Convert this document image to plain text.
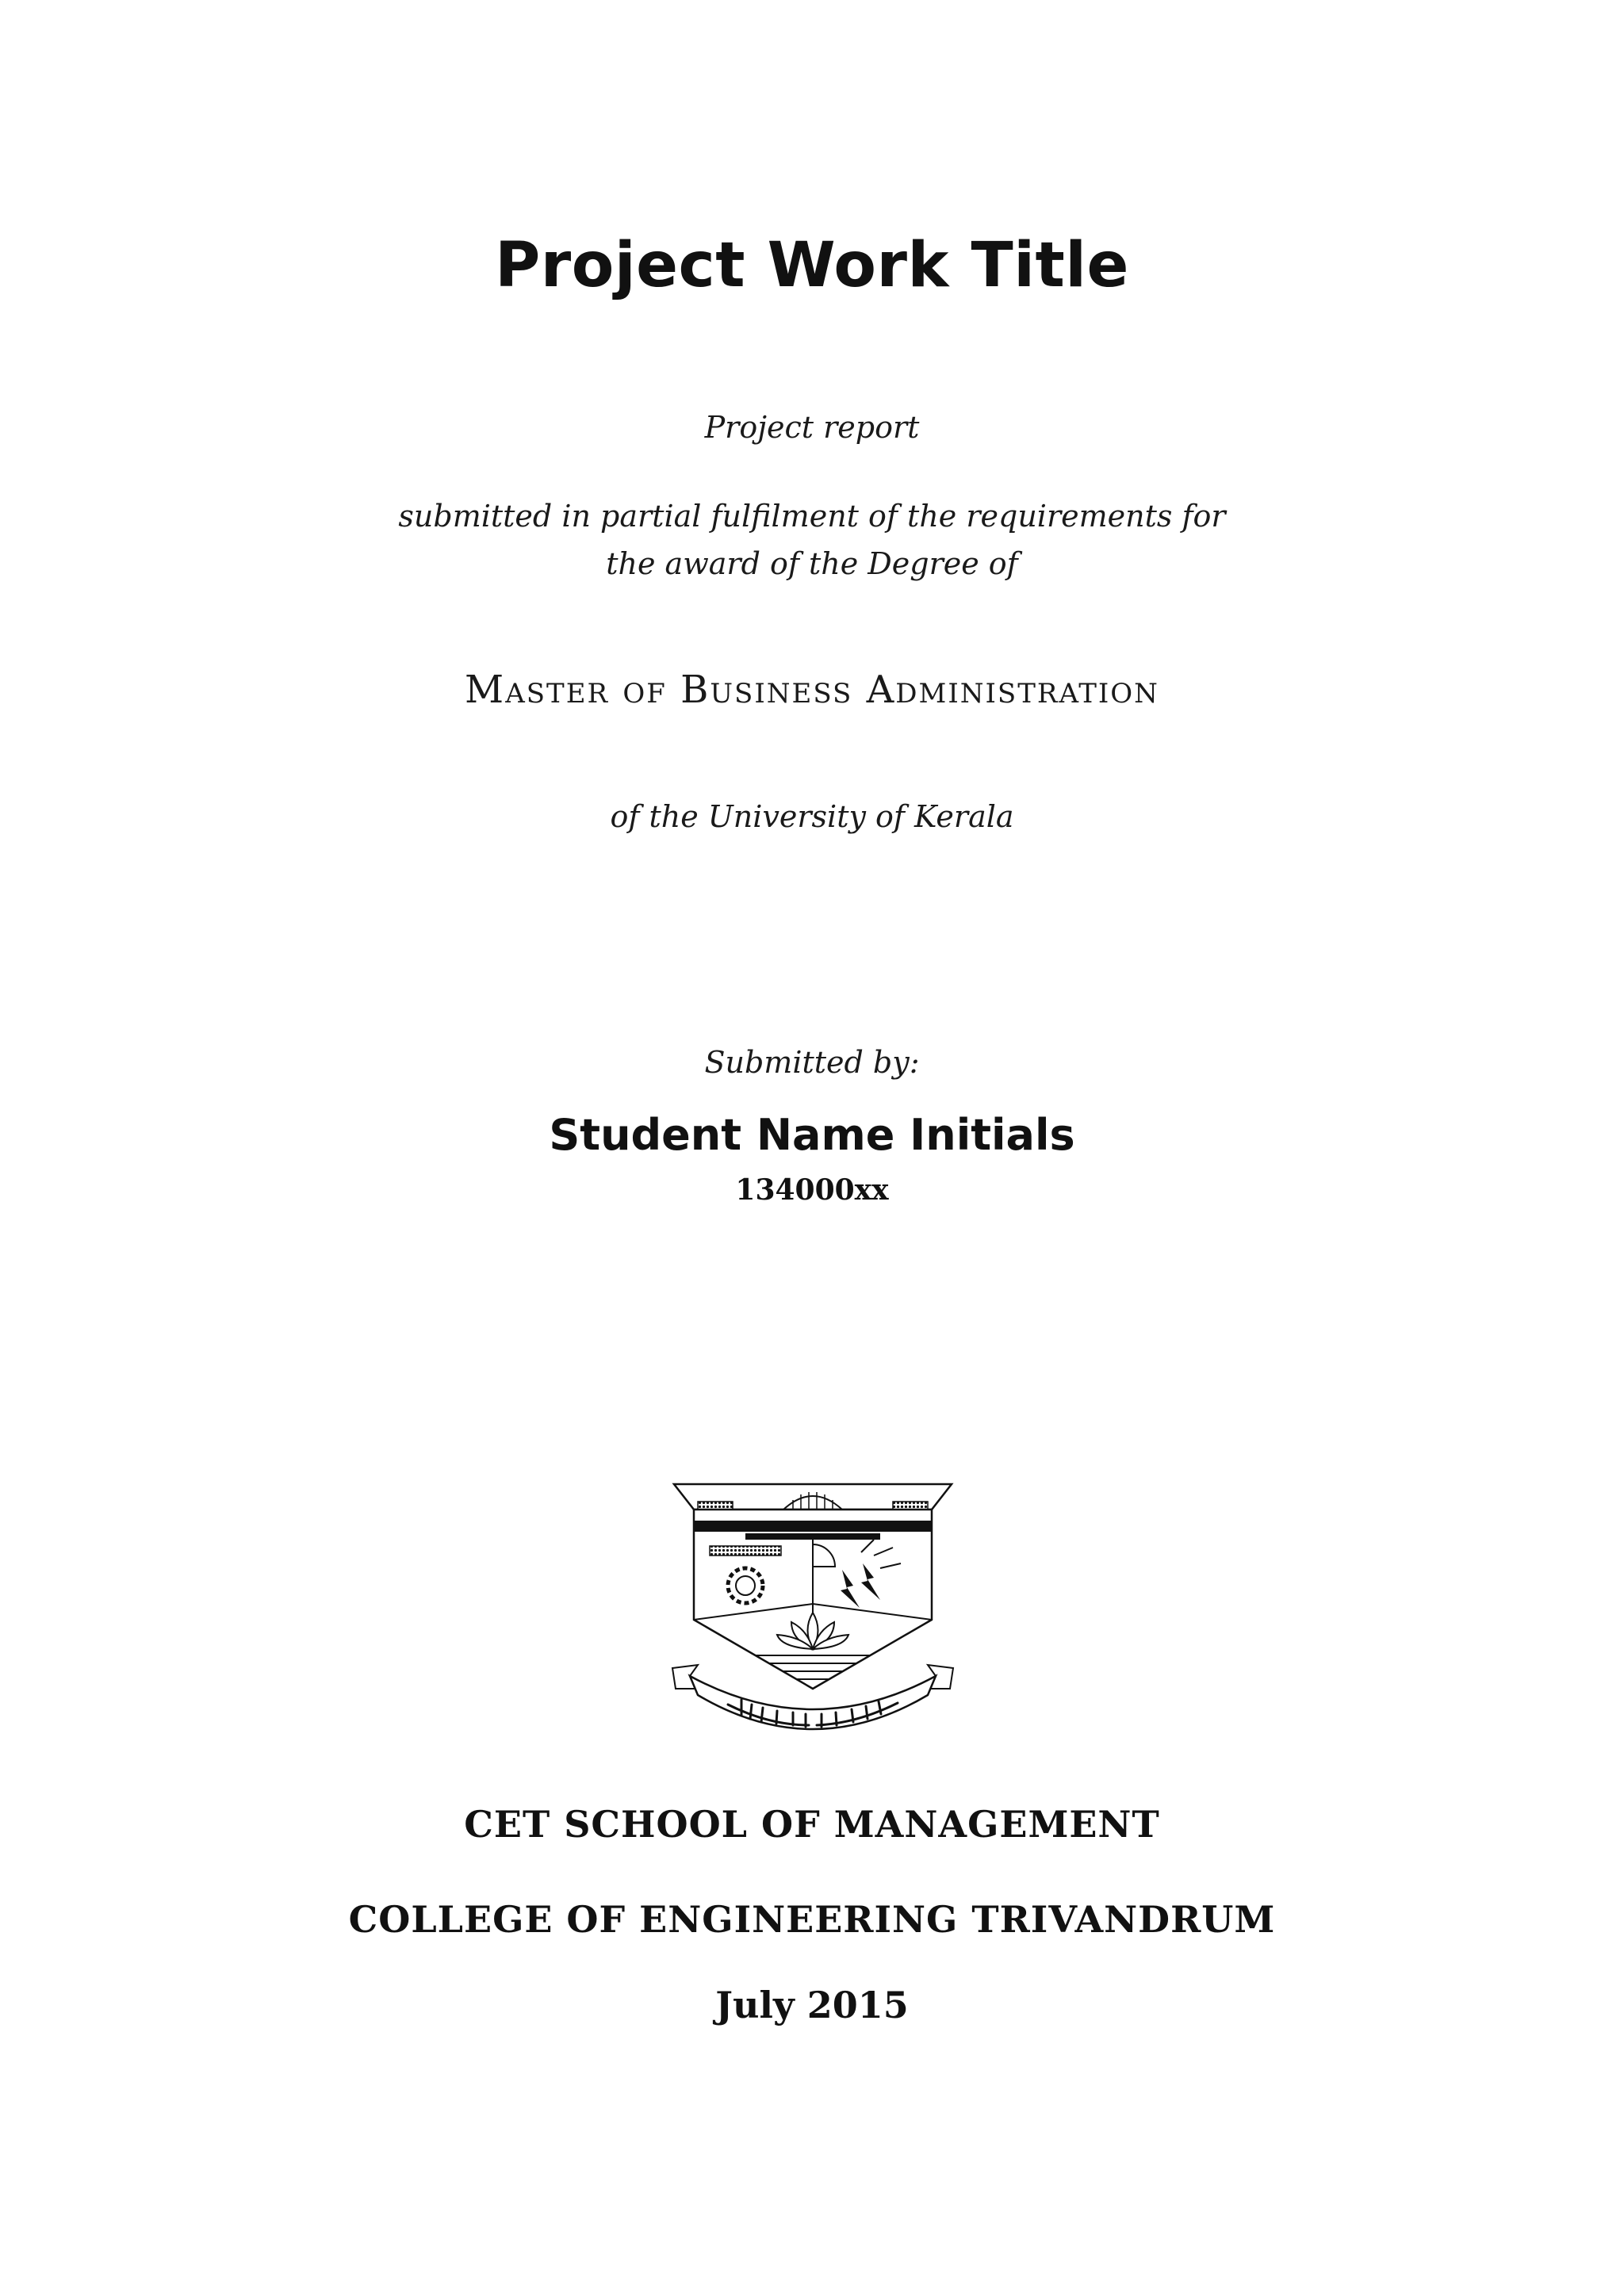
Project Work Title
Project report
submitted in partial fulfilment of the requirements for
the award of the Degree of
Master of Business Administration
of the University of Kerala
Submitted by:
Student Name Initials
134000xx
CET SCHOOL OF MANAGEMENT
COLLEGE OF ENGINEERING TRIVANDRUM
July 2015
